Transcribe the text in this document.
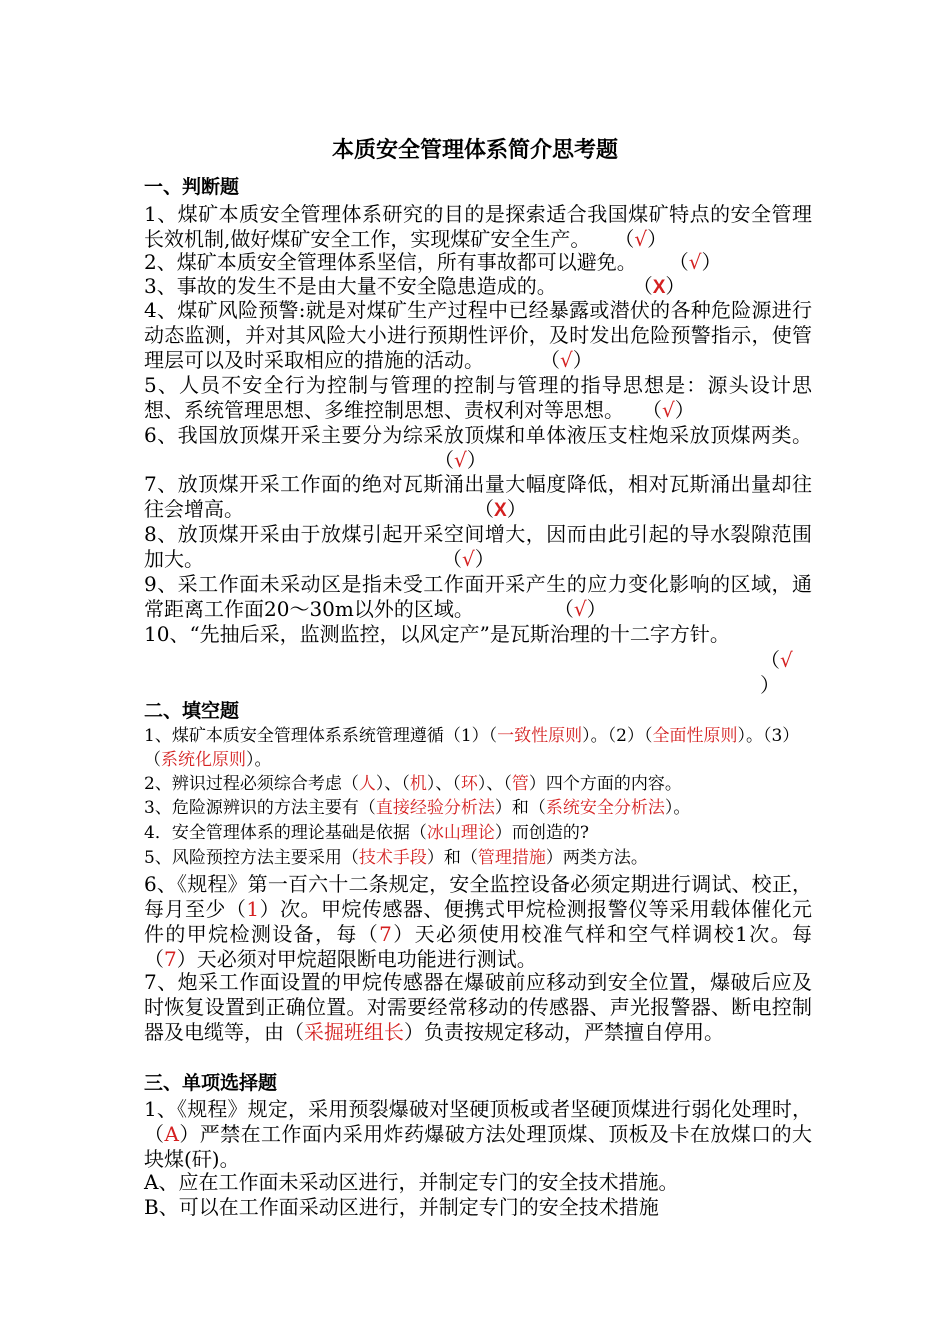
本质安全管理体系简介思考题
一、判断题

1、煤矿本质安全管理体系研究的目的是探索适合我国煤矿特点的安全管理长效机制,做好煤矿安全工作，实现煤矿安全生产。 （√）

2、煤矿本质安全管理体系坚信，所有事故都可以避免。 （√）

3、事故的发生不是由大量不安全隐患造成的。	（X）

4、煤矿风险预警:就是对煤矿生产过程中已经暴露或潜伏的各种危险源进行动态监测，并对其风险大小进行预期性评价，及时发出危险预警指示，使管理层可以及时采取相应的措施的活动。	（√）

5、人员不安全行为控制与管理的控制与管理的指导思想是：源头设计思想、系统管理思想、多维控制思想、责权利对等思想。 （√）

6、我国放顶煤开采主要分为综采放顶煤和单体液压支柱炮采放顶煤两类。（√）

7、放顶煤开采工作面的绝对瓦斯涌出量大幅度降低，相对瓦斯涌出量却往往会增高。	（X）

8、放顶煤开采由于放煤引起开采空间增大，因而由此引起的导水裂隙范围加大。	（√）

9、采工作面未采动区是指未受工作面开采产生的应力变化影响的区域，通常距离工作面20～30m以外的区域。	（√）

10、“先抽后采，监测监控，以风定产”是瓦斯治理的十二字方针。

（√
）
二、填空题

1、煤矿本质安全管理体系系统管理遵循（1）（一致性原则）。（2）（全面性原则）。（3）（系统化原则）。

2、辨识过程必须综合考虑（人）、（机）、（环）、（管）四个方面的内容。

3、危险源辨识的方法主要有（直接经验分析法）和（系统安全分析法）。

4．安全管理体系的理论基础是依据（冰山理论）而创造的?

5、风险预控方法主要采用（技术手段）和（管理措施）两类方法。

6、《规程》第一百六十二条规定，安全监控设备必须定期进行调试、校正，每月至少（1）次。甲烷传感器、便携式甲烷检测报警仪等采用载体催化元件的甲烷检测设备，每（7）天必须使用校准气样和空气样调校1次。每（7）天必须对甲烷超限断电功能进行测试。

7、炮采工作面设置的甲烷传感器在爆破前应移动到安全位置，爆破后应及时恢复设置到正确位置。对需要经常移动的传感器、声光报警器、断电控制器及电缆等，由（采掘班组长）负责按规定移动，严禁擅自停用。

三、单项选择题

1、《规程》规定，采用预裂爆破对坚硬顶板或者坚硬顶煤进行弱化处理时，（A）严禁在工作面内采用炸药爆破方法处理顶煤、顶板及卡在放煤口的大块煤(矸)。

A、应在工作面未采动区进行，并制定专门的安全技术措施。

B、可以在工作面采动区进行，并制定专门的安全技术措施
